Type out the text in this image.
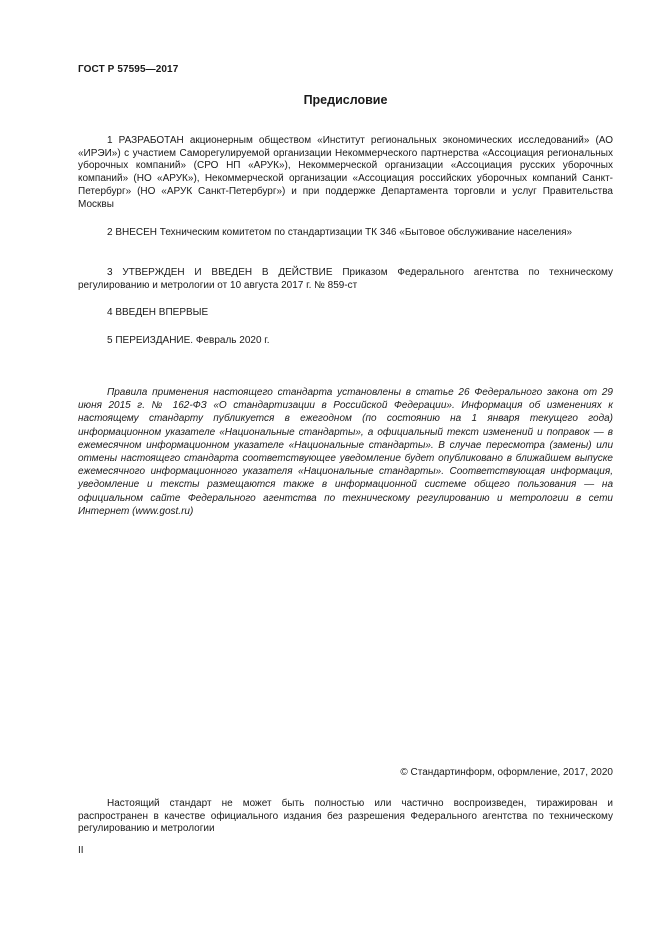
ГОСТ Р 57595—2017
Предисловие
1 РАЗРАБОТАН акционерным обществом «Институт региональных экономических исследований» (АО «ИРЭИ») с участием Саморегулируемой организации Некоммерческого партнерства «Ассоциация региональных уборочных компаний» (СРО НП «АРУК»), Некоммерческой организации «Ассоциация русских уборочных компаний» (НО «АРУК»), Некоммерческой организации «Ассоциация российских уборочных компаний Санкт-Петербург» (НО «АРУК Санкт-Петербург») и при поддержке Департамента торговли и услуг Правительства Москвы
2 ВНЕСЕН Техническим комитетом по стандартизации ТК 346 «Бытовое обслуживание населения»
3 УТВЕРЖДЕН И ВВЕДЕН В ДЕЙСТВИЕ Приказом Федерального агентства по техническому регулированию и метрологии от 10 августа 2017 г. № 859-ст
4 ВВЕДЕН ВПЕРВЫЕ
5 ПЕРЕИЗДАНИЕ. Февраль 2020 г.
Правила применения настоящего стандарта установлены в статье 26 Федерального закона от 29 июня 2015 г. № 162-ФЗ «О стандартизации в Российской Федерации». Информация об изменениях к настоящему стандарту публикуется в ежегодном (по состоянию на 1 января текущего года) информационном указателе «Национальные стандарты», а официальный текст изменений и поправок — в ежемесячном информационном указателе «Национальные стандарты». В случае пересмотра (замены) или отмены настоящего стандарта соответствующее уведомление будет опубликовано в ближайшем выпуске ежемесячного информационного указателя «Национальные стандарты». Соответствующая информация, уведомление и тексты размещаются также в информационной системе общего пользования — на официальном сайте Федерального агентства по техническому регулированию и метрологии в сети Интернет (www.gost.ru)
© Стандартинформ, оформление, 2017, 2020
Настоящий стандарт не может быть полностью или частично воспроизведен, тиражирован и распространен в качестве официального издания без разрешения Федерального агентства по техническому регулированию и метрологии
II
